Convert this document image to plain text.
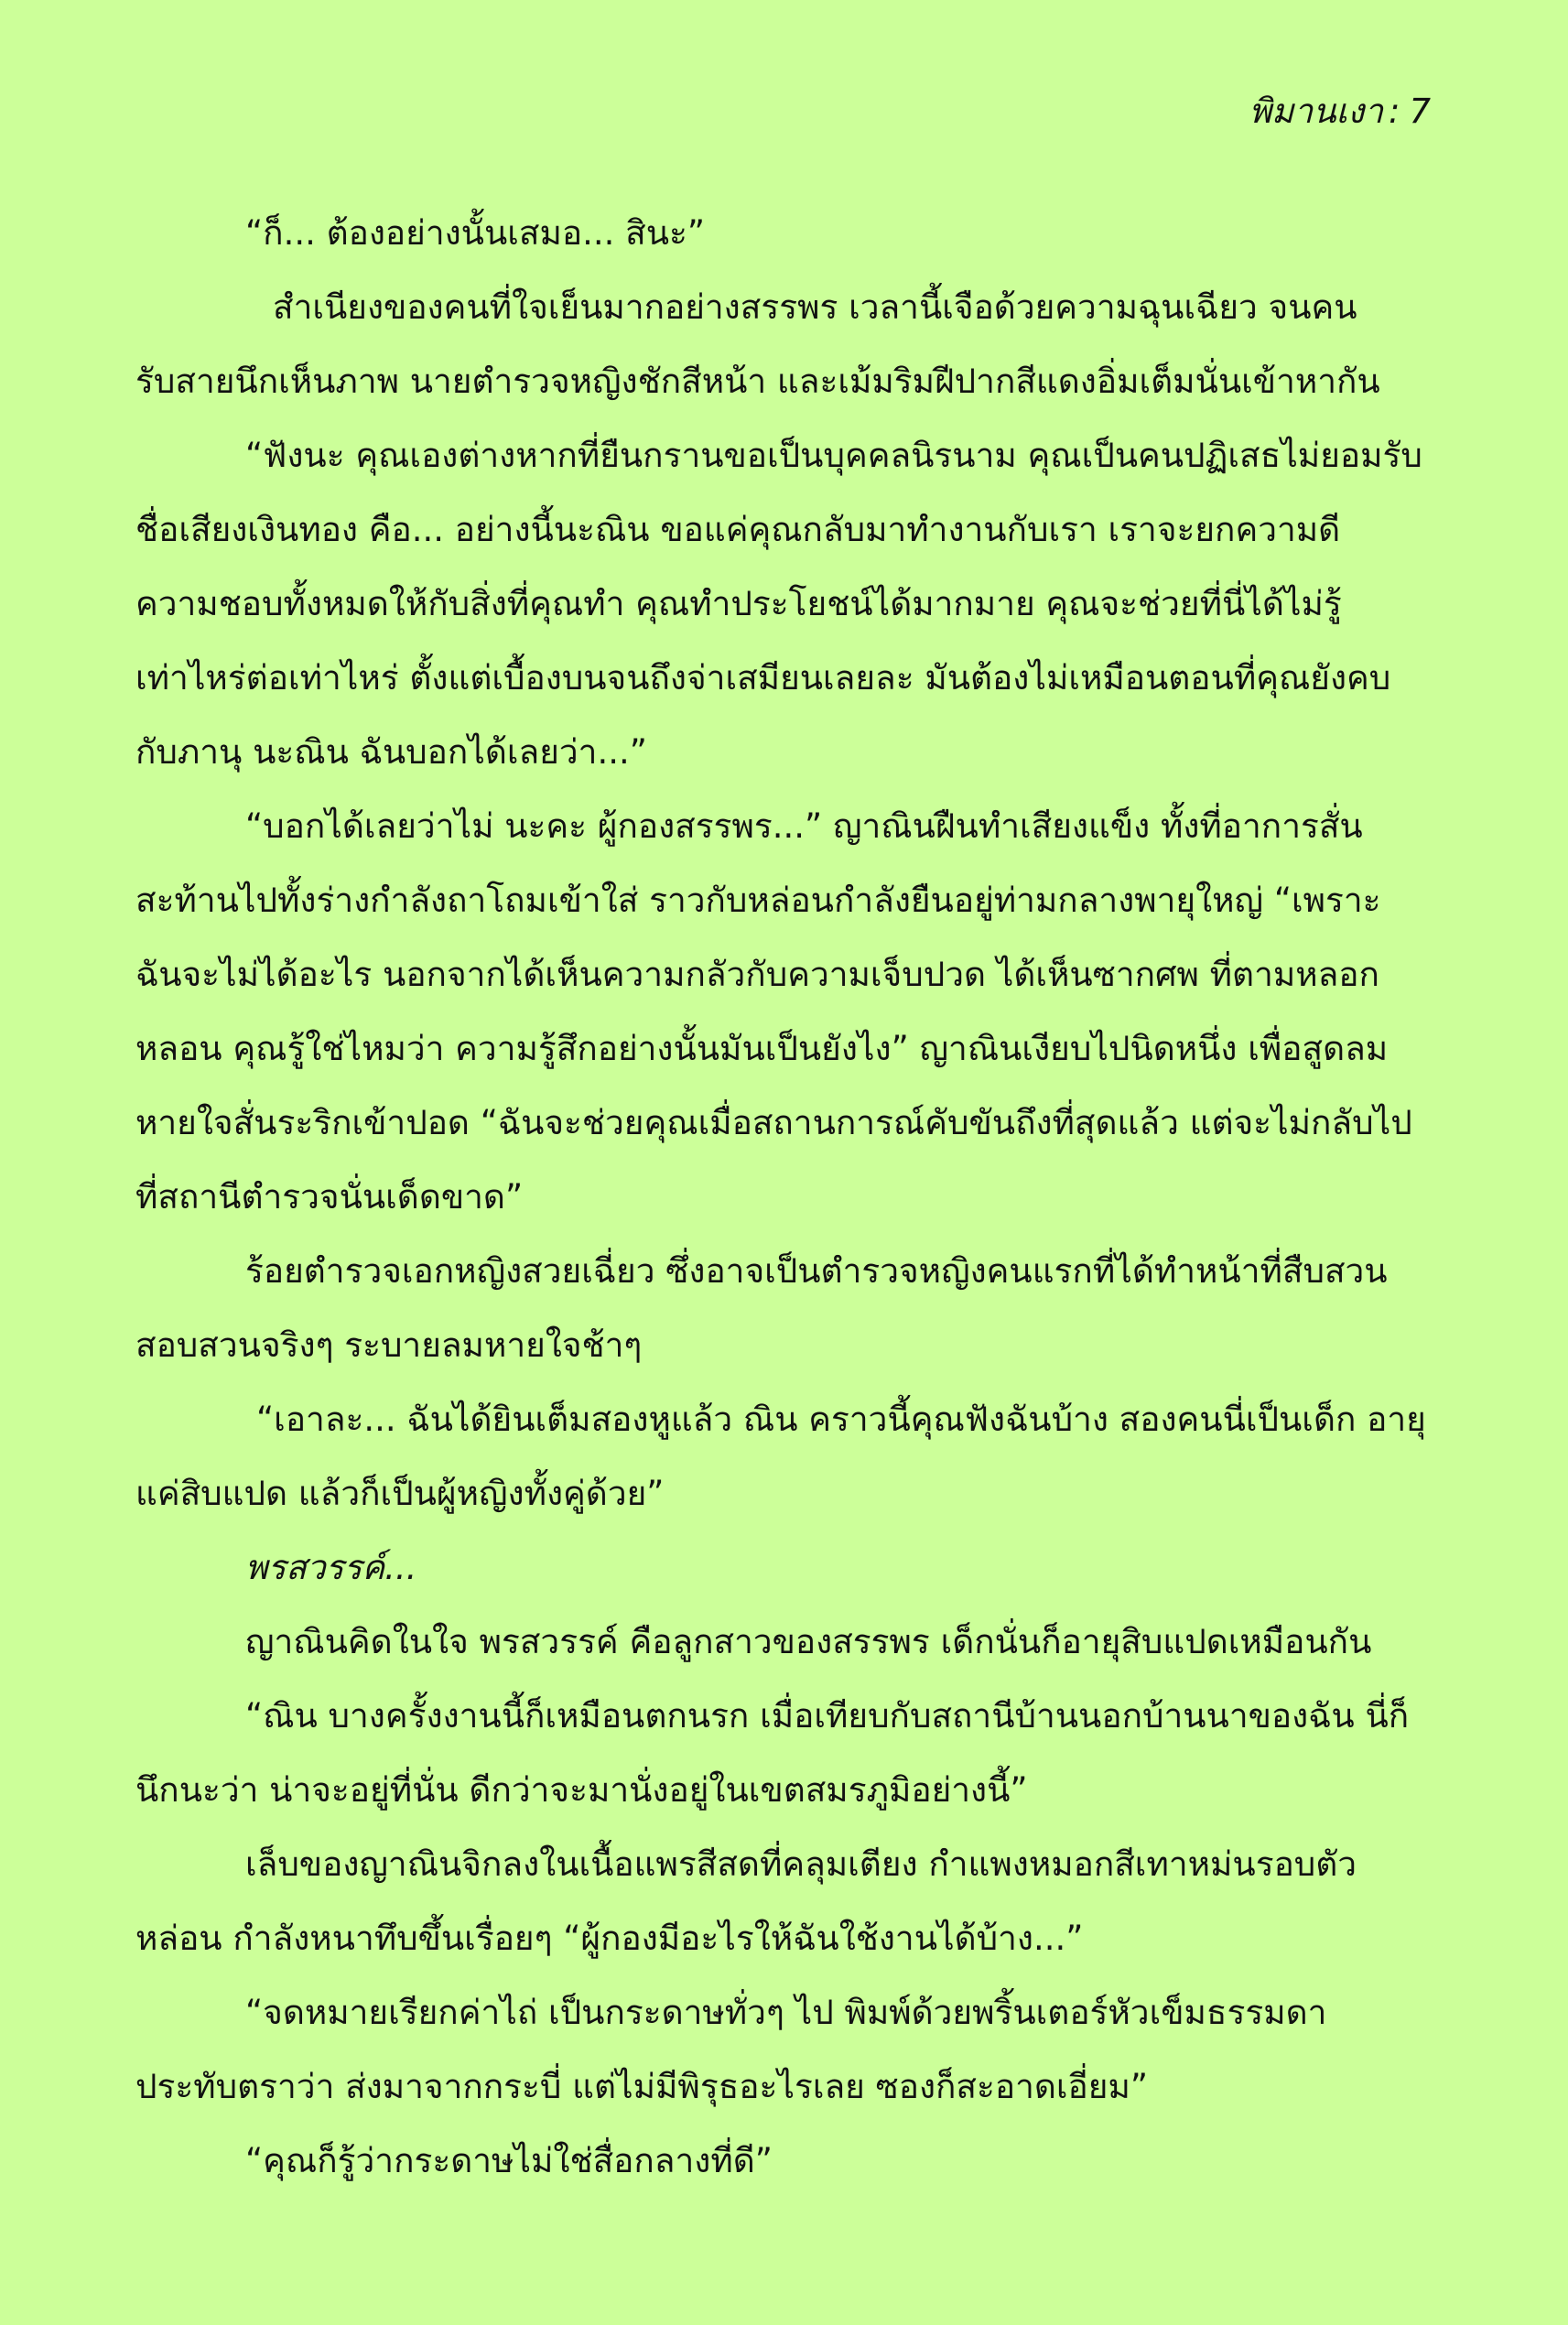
พิมานเงา : 7
“ก็... ต้องอย่างนั้นเสมอ... สินะ”
สำเนียงของคนที่ใจเย็นมากอย่างสรรพร เวลานี้เจือด้วยความฉุนเฉียว จนคน
รับสายนึกเห็นภาพ นายตำรวจหญิงชักสีหน้า และเม้มริมฝีปากสีแดงอิ่มเต็มนั่นเข้าหากัน
“ฟังนะ คุณเองต่างหากที่ยืนกรานขอเป็นบุคคลนิรนาม คุณเป็นคนปฏิเสธไม่ยอมรับ
ชื่อเสียงเงินทอง คือ... อย่างนี้นะณิน ขอแค่คุณกลับมาทำงานกับเรา เราจะยกความดี
ความชอบทั้งหมดให้กับสิ่งที่คุณทำ คุณทำประโยชน์ได้มากมาย คุณจะช่วยที่นี่ได้ไม่รู้
เท่าไหร่ต่อเท่าไหร่ ตั้งแต่เบื้องบนจนถึงจ่าเสมียนเลยละ มันต้องไม่เหมือนตอนที่คุณยังคบ
กับภานุ นะณิน ฉันบอกได้เลยว่า...”
“บอกได้เลยว่าไม่ นะคะ ผู้กองสรรพร...” ญาณินฝืนทำเสียงแข็ง ทั้งที่อาการสั่น
สะท้านไปทั้งร่างกำลังถาโถมเข้าใส่ ราวกับหล่อนกำลังยืนอยู่ท่ามกลางพายุใหญ่ “เพราะ
ฉันจะไม่ได้อะไร นอกจากได้เห็นความกลัวกับความเจ็บปวด ได้เห็นซากศพ ที่ตามหลอก
หลอน คุณรู้ใช่ไหมว่า ความรู้สึกอย่างนั้นมันเป็นยังไง” ญาณินเงียบไปนิดหนึ่ง เพื่อสูดลม
หายใจสั่นระริกเข้าปอด “ฉันจะช่วยคุณเมื่อสถานการณ์คับขันถึงที่สุดแล้ว แต่จะไม่กลับไป
ที่สถานีตำรวจนั่นเด็ดขาด”
ร้อยตำรวจเอกหญิงสวยเฉี่ยว ซึ่งอาจเป็นตำรวจหญิงคนแรกที่ได้ทำหน้าที่สืบสวน
สอบสวนจริงๆ ระบายลมหายใจช้าๆ
“เอาละ... ฉันได้ยินเต็มสองหูแล้ว ณิน คราวนี้คุณฟังฉันบ้าง สองคนนี่เป็นเด็ก อายุ
แค่สิบแปด แล้วก็เป็นผู้หญิงทั้งคู่ด้วย”
พรสวรรค์...
ญาณินคิดในใจ พรสวรรค์ คือลูกสาวของสรรพร เด็กนั่นก็อายุสิบแปดเหมือนกัน
“ณิน บางครั้งงานนี้ก็เหมือนตกนรก เมื่อเทียบกับสถานีบ้านนอกบ้านนาของฉัน นี่ก็
นึกนะว่า น่าจะอยู่ที่นั่น ดีกว่าจะมานั่งอยู่ในเขตสมรภูมิอย่างนี้”
เล็บของญาณินจิกลงในเนื้อแพรสีสดที่คลุมเตียง กำแพงหมอกสีเทาหม่นรอบตัว
หล่อน กำลังหนาทึบขึ้นเรื่อยๆ “ผู้กองมีอะไรให้ฉันใช้งานได้บ้าง...”
“จดหมายเรียกค่าไถ่ เป็นกระดาษทั่วๆ ไป พิมพ์ด้วยพริ้นเตอร์หัวเข็มธรรมดา
ประทับตราว่า ส่งมาจากกระบี่ แต่ไม่มีพิรุธอะไรเลย ซองก็สะอาดเอี่ยม”
“คุณก็รู้ว่ากระดาษไม่ใช่สื่อกลางที่ดี”
